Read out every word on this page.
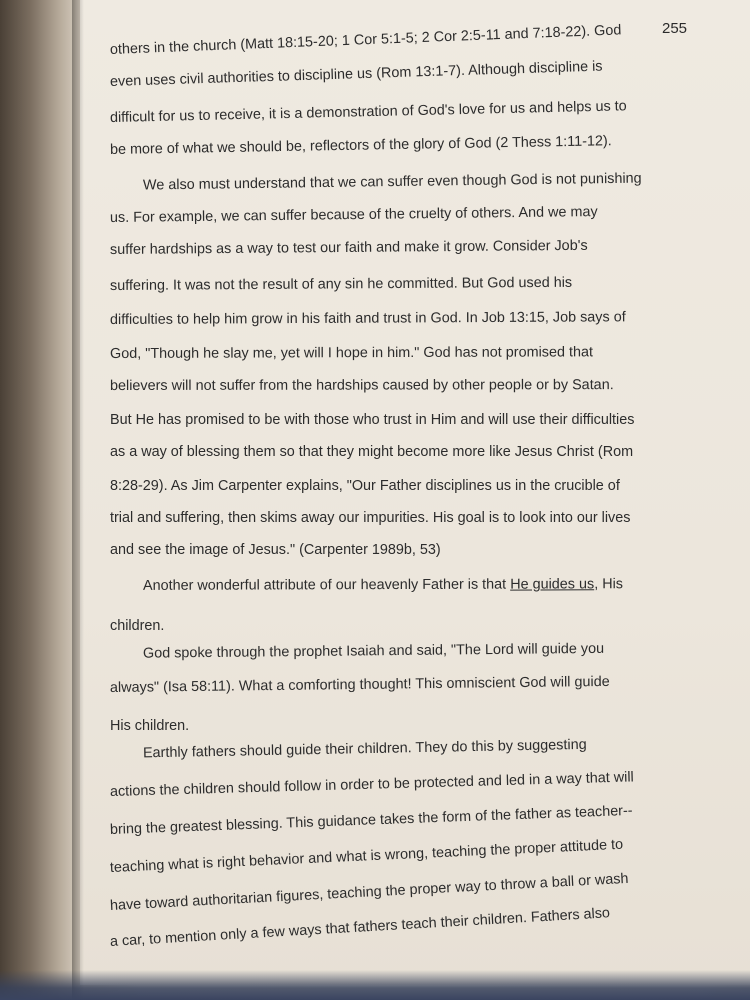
255
others in the church (Matt 18:15-20; 1 Cor 5:1-5; 2 Cor 2:5-11 and 7:18-22). God
even uses civil authorities to discipline us (Rom 13:1-7). Although discipline is
difficult for us to receive, it is a demonstration of God's love for us and helps us to
be more of what we should be, reflectors of the glory of God (2 Thess 1:11-12).
We also must understand that we can suffer even though God is not punishing
us. For example, we can suffer because of the cruelty of others. And we may
suffer hardships as a way to test our faith and make it grow. Consider Job's
suffering. It was not the result of any sin he committed. But God used his
difficulties to help him grow in his faith and trust in God. In Job 13:15, Job says of
God, "Though he slay me, yet will I hope in him." God has not promised that
believers will not suffer from the hardships caused by other people or by Satan.
But He has promised to be with those who trust in Him and will use their difficulties
as a way of blessing them so that they might become more like Jesus Christ (Rom
8:28-29). As Jim Carpenter explains, "Our Father disciplines us in the crucible of
trial and suffering, then skims away our impurities. His goal is to look into our lives
and see the image of Jesus." (Carpenter 1989b, 53)
Another wonderful attribute of our heavenly Father is that He guides us, His
children.
God spoke through the prophet Isaiah and said, "The Lord will guide you
always" (Isa 58:11). What a comforting thought! This omniscient God will guide
His children.
Earthly fathers should guide their children. They do this by suggesting
actions the children should follow in order to be protected and led in a way that will
bring the greatest blessing. This guidance takes the form of the father as teacher--
teaching what is right behavior and what is wrong, teaching the proper attitude to
have toward authoritarian figures, teaching the proper way to throw a ball or wash
a car, to mention only a few ways that fathers teach their children. Fathers also
